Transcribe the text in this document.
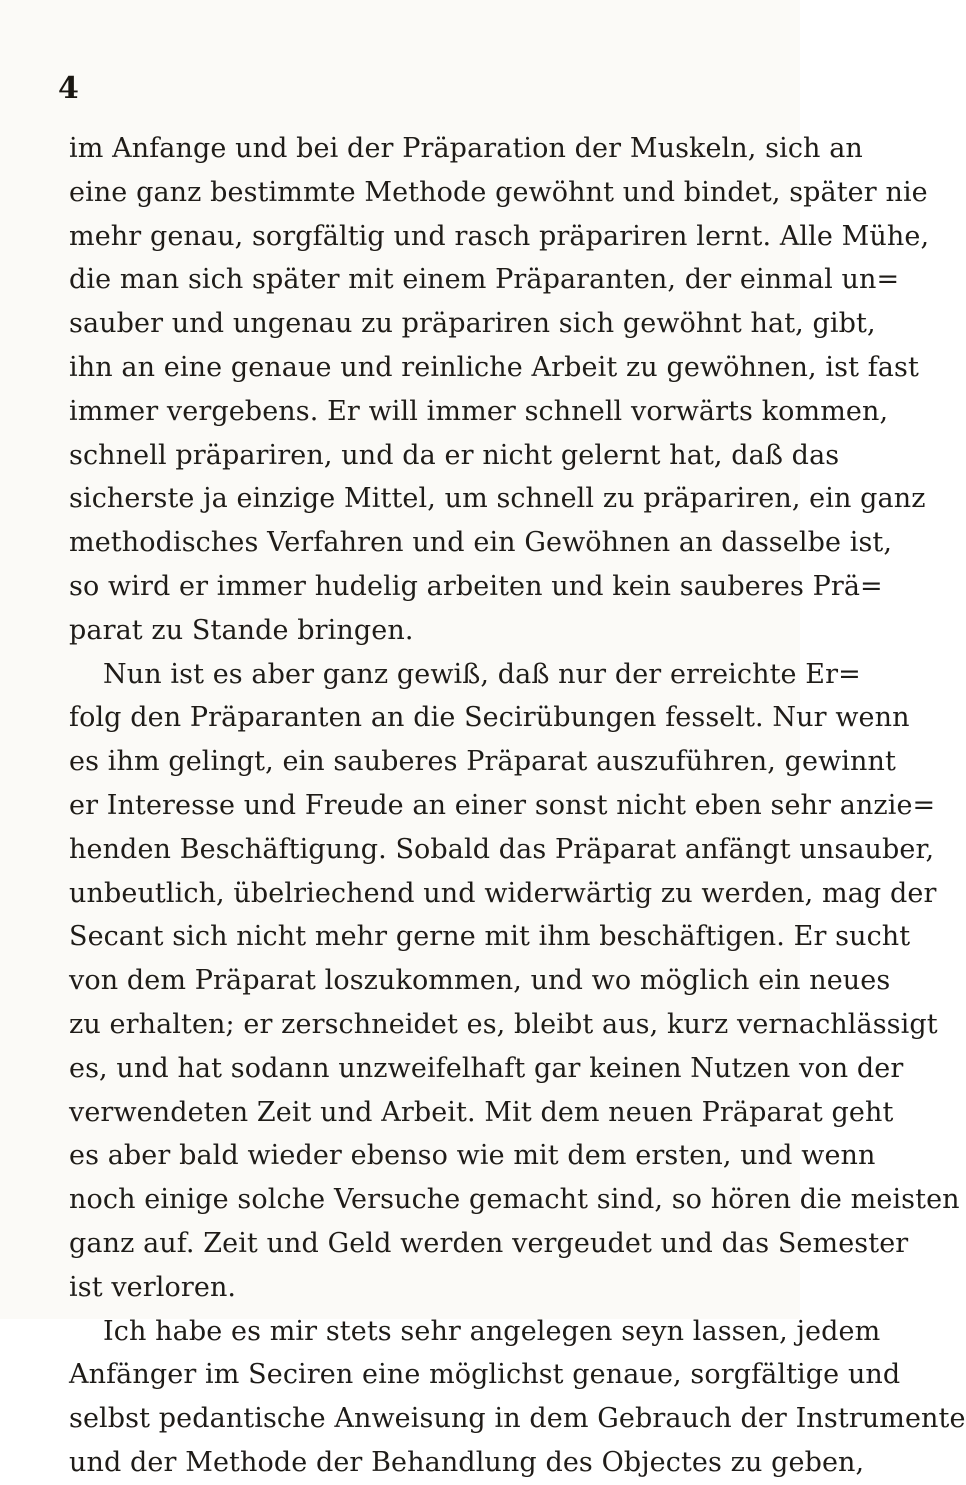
4
im Anfange und bei der Präparation der Muskeln, sich an
eine ganz bestimmte Methode gewöhnt und bindet, später nie
mehr genau, sorgfältig und rasch präpariren lernt. Alle Mühe,
die man sich später mit einem Präparanten, der einmal un=
sauber und ungenau zu präpariren sich gewöhnt hat, gibt,
ihn an eine genaue und reinliche Arbeit zu gewöhnen, ist fast
immer vergebens. Er will immer schnell vorwärts kommen,
schnell präpariren, und da er nicht gelernt hat, daß das
sicherste ja einzige Mittel, um schnell zu präpariren, ein ganz
methodisches Verfahren und ein Gewöhnen an dasselbe ist,
so wird er immer hudelig arbeiten und kein sauberes Prä=
parat zu Stande bringen.
Nun ist es aber ganz gewiß, daß nur der erreichte Er=
folg den Präparanten an die Secirübungen fesselt. Nur wenn
es ihm gelingt, ein sauberes Präparat auszuführen, gewinnt
er Interesse und Freude an einer sonst nicht eben sehr anzie=
henden Beschäftigung. Sobald das Präparat anfängt unsauber,
unbeutlich, übelriechend und widerwärtig zu werden, mag der
Secant sich nicht mehr gerne mit ihm beschäftigen. Er sucht
von dem Präparat loszukommen, und wo möglich ein neues
zu erhalten; er zerschneidet es, bleibt aus, kurz vernachlässigt
es, und hat sodann unzweifelhaft gar keinen Nutzen von der
verwendeten Zeit und Arbeit. Mit dem neuen Präparat geht
es aber bald wieder ebenso wie mit dem ersten, und wenn
noch einige solche Versuche gemacht sind, so hören die meisten
ganz auf. Zeit und Geld werden vergeudet und das Semester
ist verloren.
Ich habe es mir stets sehr angelegen seyn lassen, jedem
Anfänger im Seciren eine möglichst genaue, sorgfältige und
selbst pedantische Anweisung in dem Gebrauch der Instrumente
und der Methode der Behandlung des Objectes zu geben,
